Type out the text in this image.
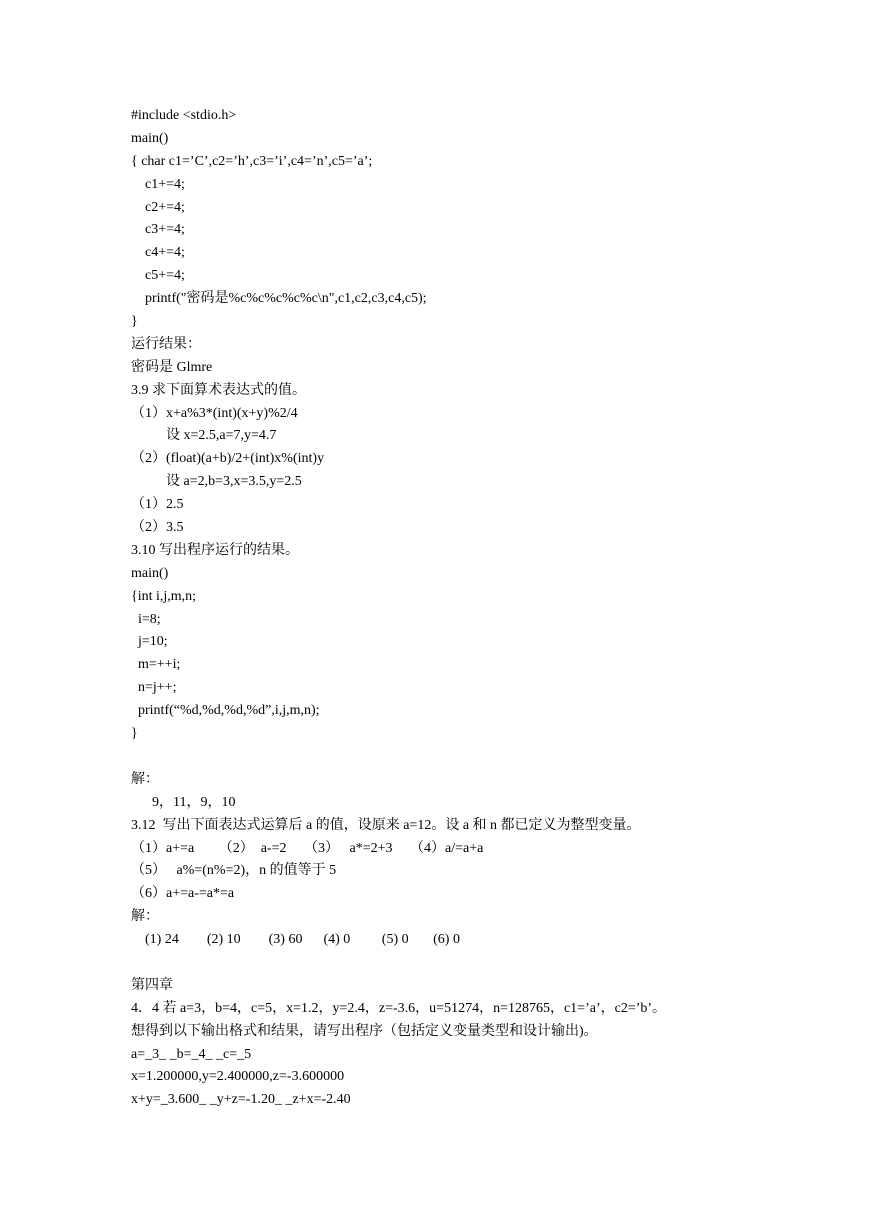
#include <stdio.h>
main()
{ char c1=’C’,c2=’h’,c3=’i’,c4=’n’,c5=’a’;
c1+=4;
c2+=4;
c3+=4;
c4+=4;
c5+=4;
printf("密码是%c%c%c%c%c\n",c1,c2,c3,c4,c5);
}
运行结果：
密码是 Glmre
3.9 求下面算术表达式的值。
（1）x+a%3*(int)(x+y)%2/4
设 x=2.5,a=7,y=4.7
（2）(float)(a+b)/2+(int)x%(int)y
设 a=2,b=3,x=3.5,y=2.5
（1）2.5
（2）3.5
3.10 写出程序运行的结果。
main()
{int i,j,m,n;
i=8;
j=10;
m=++i;
n=j++;
printf(“%d,%d,%d,%d”,i,j,m,n);
}
解：
9，11，9，10
3.12  写出下面表达式运算后 a 的值，设原来 a=12。设 a 和 n 都已定义为整型变量。
（1）a+=a       （2）  a-=2     （3）   a*=2+3     （4）a/=a+a
（5）   a%=(n%=2)，n 的值等于 5
（6）a+=a-=a*=a
解：
(1) 24        (2) 10        (3) 60      (4) 0         (5) 0       (6) 0
第四章
4．4 若 a=3，b=4，c=5，x=1.2，y=2.4，z=-3.6，u=51274，n=128765，c1=’a’，c2=’b’。
想得到以下输出格式和结果，请写出程序（包括定义变量类型和设计输出)。
a=_3_ _b=_4_ _c=_5
x=1.200000,y=2.400000,z=-3.600000
x+y=_3.600_ _y+z=-1.20_ _z+x=-2.40
